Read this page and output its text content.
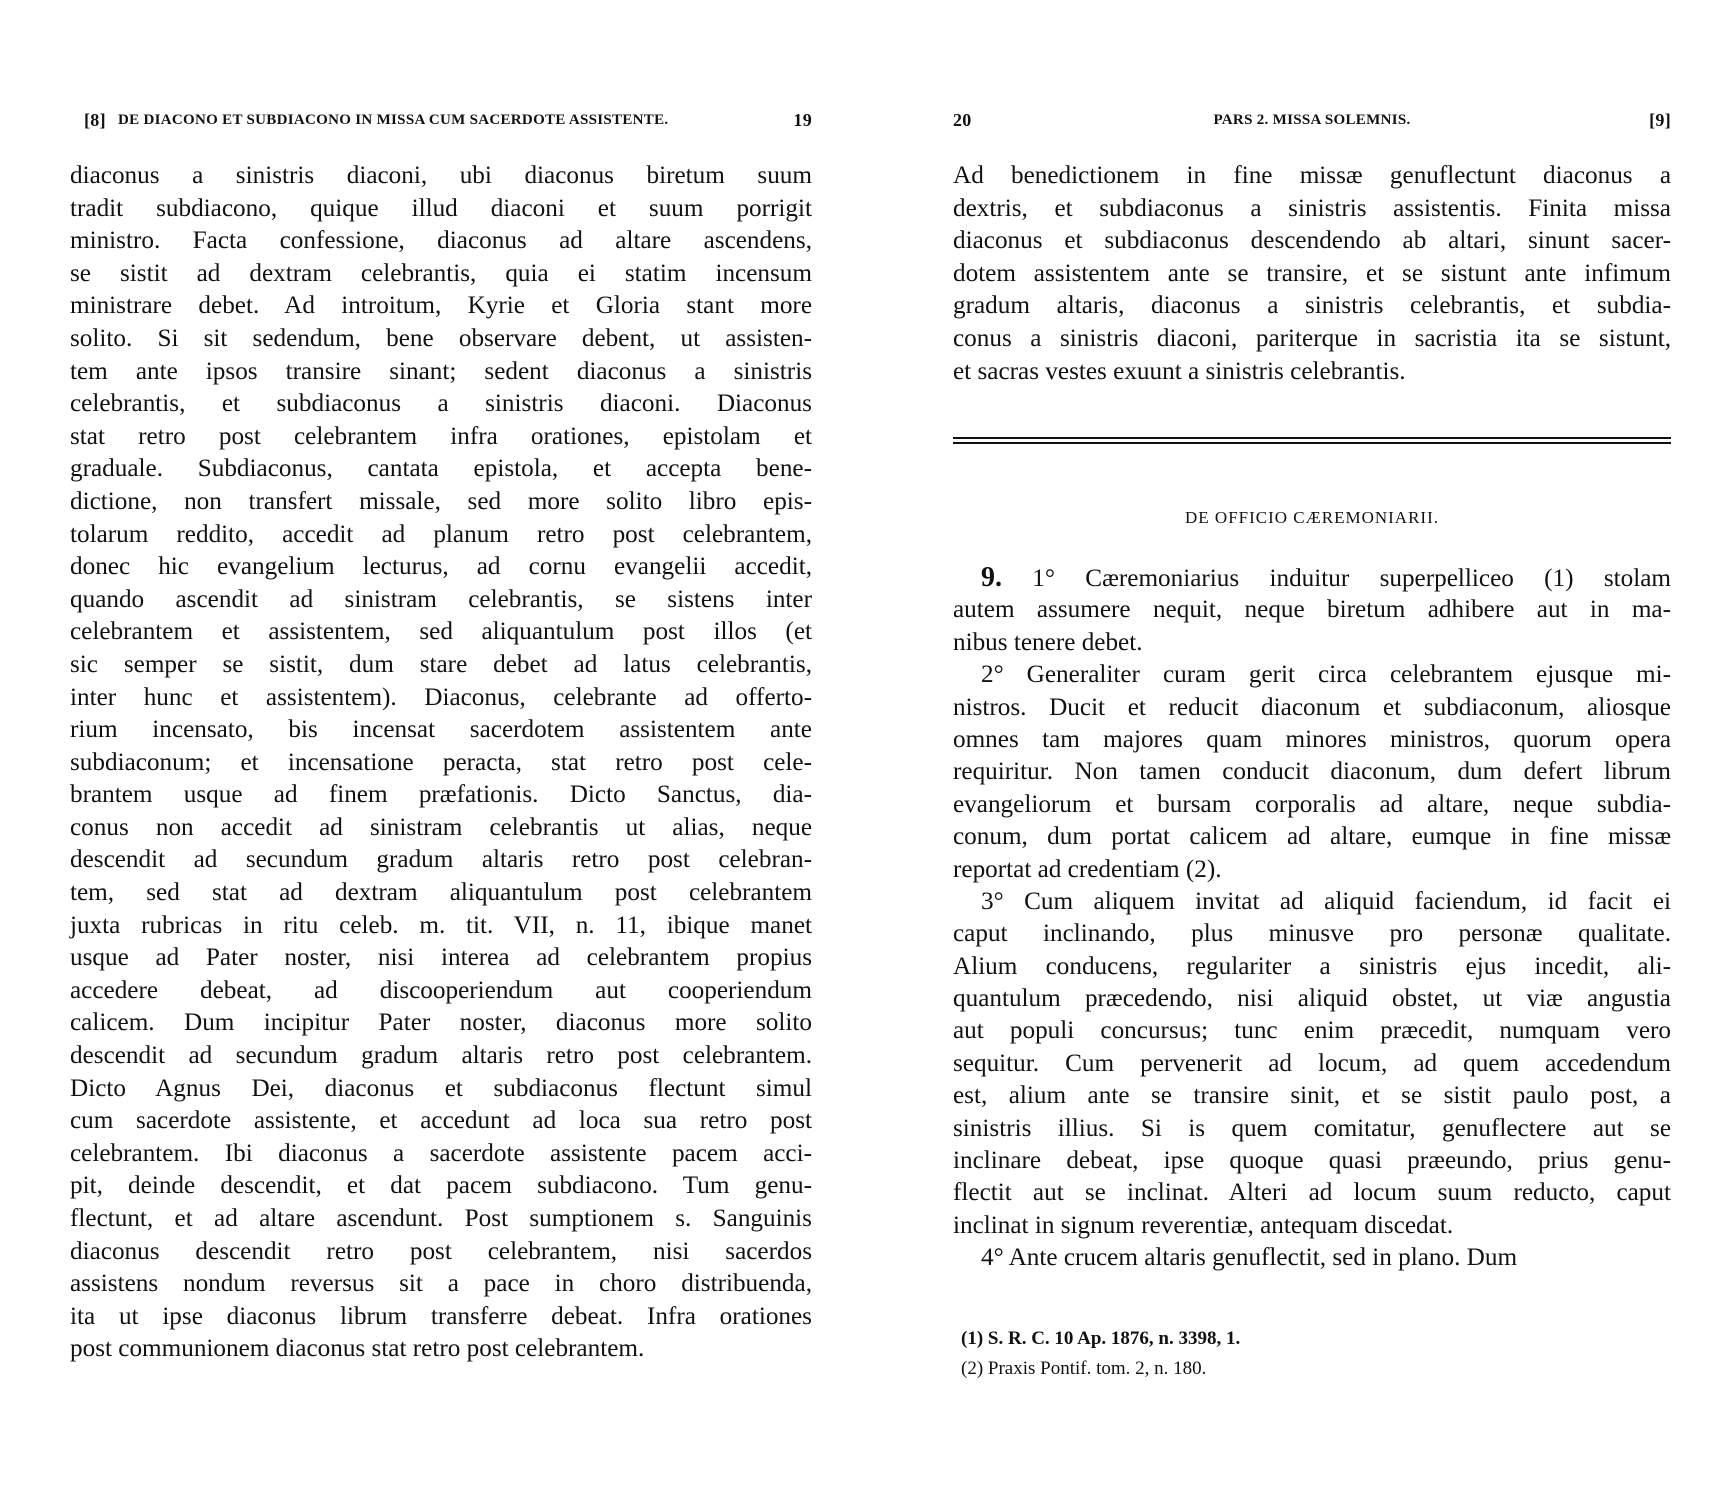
[8] DE DIACONO ET SUBDIACONO IN MISSA CUM SACERDOTE ASSISTENTE.	19
diaconus a sinistris diaconi, ubi diaconus biretum suum
tradit subdiacono, quique illud diaconi et suum porrigit
ministro. Facta confessione, diaconus ad altare ascendens,
se sistit ad dextram celebrantis, quia ei statim incensum
ministrare debet. Ad introitum, Kyrie et Gloria stant more
solito. Si sit sedendum, bene observare debent, ut assisten-
tem ante ipsos transire sinant; sedent diaconus a sinistris
celebrantis, et subdiaconus a sinistris diaconi. Diaconus
stat retro post celebrantem infra orationes, epistolam et
graduale. Subdiaconus, cantata epistola, et accepta bene-
dictione, non transfert missale, sed more solito libro epis-
tolarum reddito, accedit ad planum retro post celebrantem,
donec hic evangelium lecturus, ad cornu evangelii accedit,
quando ascendit ad sinistram celebrantis, se sistens inter
celebrantem et assistentem, sed aliquantulum post illos (et
sic semper se sistit, dum stare debet ad latus celebrantis,
inter hunc et assistentem). Diaconus, celebrante ad offerto-
rium incensato, bis incensat sacerdotem assistentem ante
subdiaconum; et incensatione peracta, stat retro post cele-
brantem usque ad finem præfationis. Dicto Sanctus, dia-
conus non accedit ad sinistram celebrantis ut alias, neque
descendit ad secundum gradum altaris retro post celebran-
tem, sed stat ad dextram aliquantulum post celebrantem
juxta rubricas in ritu celeb. m. tit. VII, n. 11, ibique manet
usque ad Pater noster, nisi interea ad celebrantem propius
accedere debeat, ad discooperiendum aut cooperiendum
calicem. Dum incipitur Pater noster, diaconus more solito
descendit ad secundum gradum altaris retro post celebrantem.
Dicto Agnus Dei, diaconus et subdiaconus flectunt simul
cum sacerdote assistente, et accedunt ad loca sua retro post
celebrantem. Ibi diaconus a sacerdote assistente pacem acci-
pit, deinde descendit, et dat pacem subdiacono. Tum genu-
flectunt, et ad altare ascendunt. Post sumptionem s. Sanguinis
diaconus descendit retro post celebrantem, nisi sacerdos
assistens nondum reversus sit a pace in choro distribuenda,
ita ut ipse diaconus librum transferre debeat. Infra orationes
post communionem diaconus stat retro post celebrantem.
20	PARS 2. MISSA SOLEMNIS.	[9]
Ad benedictionem in fine missæ genuflectunt diaconus a
dextris, et subdiaconus a sinistris assistentis. Finita missa
diaconus et subdiaconus descendendo ab altari, sinunt sacer-
dotem assistentem ante se transire, et se sistunt ante infimum
gradum altaris, diaconus a sinistris celebrantis, et subdia-
conus a sinistris diaconi, pariterque in sacristia ita se sistunt,
et sacras vestes exuunt a sinistris celebrantis.
DE OFFICIO CÆREMONIARII.
9. 1° Cæremoniarius induitur superpelliceo (1) stolam
autem assumere nequit, neque biretum adhibere aut in ma-
nibus tenere debet.
2° Generaliter curam gerit circa celebrantem ejusque mi-
nistros. Ducit et reducit diaconum et subdiaconum, aliosque
omnes tam majores quam minores ministros, quorum opera
requiritur. Non tamen conducit diaconum, dum defert librum
evangeliorum et bursam corporalis ad altare, neque subdia-
conum, dum portat calicem ad altare, eumque in fine missæ
reportat ad credentiam (2).
3° Cum aliquem invitat ad aliquid faciendum, id facit ei
caput inclinando, plus minusve pro personæ qualitate.
Alium conducens, regulariter a sinistris ejus incedit, ali-
quantulum præcedendo, nisi aliquid obstet, ut viæ angustia
aut populi concursus; tunc enim præcedit, numquam vero
sequitur. Cum pervenerit ad locum, ad quem accedendum
est, alium ante se transire sinit, et se sistit paulo post, a
sinistris illius. Si is quem comitatur, genuflectere aut se
inclinare debeat, ipse quoque quasi præeundo, prius genu-
flectit aut se inclinat. Alteri ad locum suum reducto, caput
inclinat in signum reverentiæ, antequam discedat.
4° Ante crucem altaris genuflectit, sed in plano. Dum
(1) S. R. C. 10 Ap. 1876, n. 3398, 1.
(2) Praxis Pontif. tom. 2, n. 180.
